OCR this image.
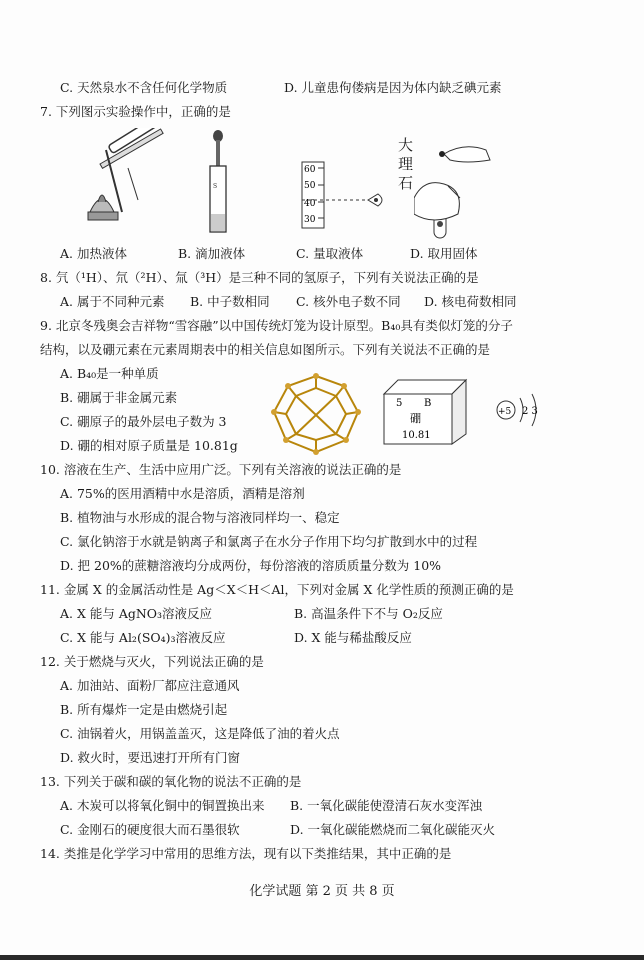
C. 天然泉水不含任何化学物质	D. 儿童患佝偻病是因为体内缺乏碘元素
7. 下列图示实验操作中，正确的是
S
60
50
40
30
大
理
石
A. 加热液体	B. 滴加液体	C. 量取液体	D. 取用固体
8. 氕（¹H）、氘（²H）、氚（³H）是三种不同的氢原子，下列有关说法正确的是
A. 属于不同种元素 B. 中子数相同 C. 核外电子数不同 D. 核电荷数相同
9. 北京冬残奥会吉祥物“雪容融”以中国传统灯笼为设计原型。B₄₀具有类似灯笼的分子
结构，以及硼元素在元素周期表中的相关信息如图所示。下列有关说法不正确的是
A. B₄₀是一种单质
B. 硼属于非金属元素
C. 硼原子的最外层电子数为 3
D. 硼的相对原子质量是 10.81g
5 B
硼
10.81
+5 2 3
10. 溶液在生产、生活中应用广泛。下列有关溶液的说法正确的是
A. 75%的医用酒精中水是溶质，酒精是溶剂
B. 植物油与水形成的混合物与溶液同样均一、稳定
C. 氯化钠溶于水就是钠离子和氯离子在水分子作用下均匀扩散到水中的过程
D. 把 20%的蔗糖溶液均分成两份，每份溶液的溶质质量分数为 10%
11. 金属 X 的金属活动性是 Ag＜X＜H＜Al，下列对金属 X 化学性质的预测正确的是
A. X 能与 AgNO₃溶液反应	B. 高温条件下不与 O₂反应
C. X 能与 Al₂(SO₄)₃溶液反应	D. X 能与稀盐酸反应
12. 关于燃烧与灭火，下列说法正确的是
A. 加油站、面粉厂都应注意通风
B. 所有爆炸一定是由燃烧引起
C. 油锅着火，用锅盖盖灭，这是降低了油的着火点
D. 救火时，要迅速打开所有门窗
13. 下列关于碳和碳的氧化物的说法不正确的是
A. 木炭可以将氧化铜中的铜置换出来 B. 一氧化碳能使澄清石灰水变浑浊
C. 金刚石的硬度很大而石墨很软	D. 一氧化碳能燃烧而二氧化碳能灭火
14. 类推是化学学习中常用的思维方法，现有以下类推结果，其中正确的是
化学试题 第 2 页 共 8 页
